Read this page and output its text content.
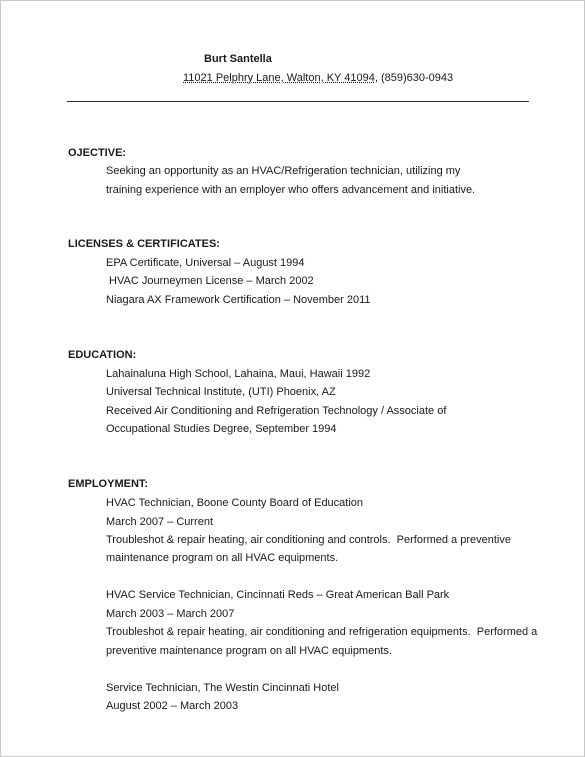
Burt Santella
11021 Pelphry Lane, Walton, KY 41094, (859)630-0943
OJECTIVE:
Seeking an opportunity as an HVAC/Refrigeration technician, utilizing my
training experience with an employer who offers advancement and initiative.
LICENSES & CERTIFICATES:
EPA Certificate, Universal – August 1994
HVAC Journeymen License – March 2002
Niagara AX Framework Certification – November 2011
EDUCATION:
Lahainaluna High School, Lahaina, Maui, Hawaii 1992
Universal Technical Institute, (UTI) Phoenix, AZ
Received Air Conditioning and Refrigeration Technology / Associate of
Occupational Studies Degree, September 1994
EMPLOYMENT:
HVAC Technician, Boone County Board of Education
March 2007 – Current
Troubleshot & repair heating, air conditioning and controls.  Performed a preventive
maintenance program on all HVAC equipments.
HVAC Service Technician, Cincinnati Reds – Great American Ball Park
March 2003 – March 2007
Troubleshot & repair heating, air conditioning and refrigeration equipments.  Performed a
preventive maintenance program on all HVAC equipments.
Service Technician, The Westin Cincinnati Hotel
August 2002 – March 2003
